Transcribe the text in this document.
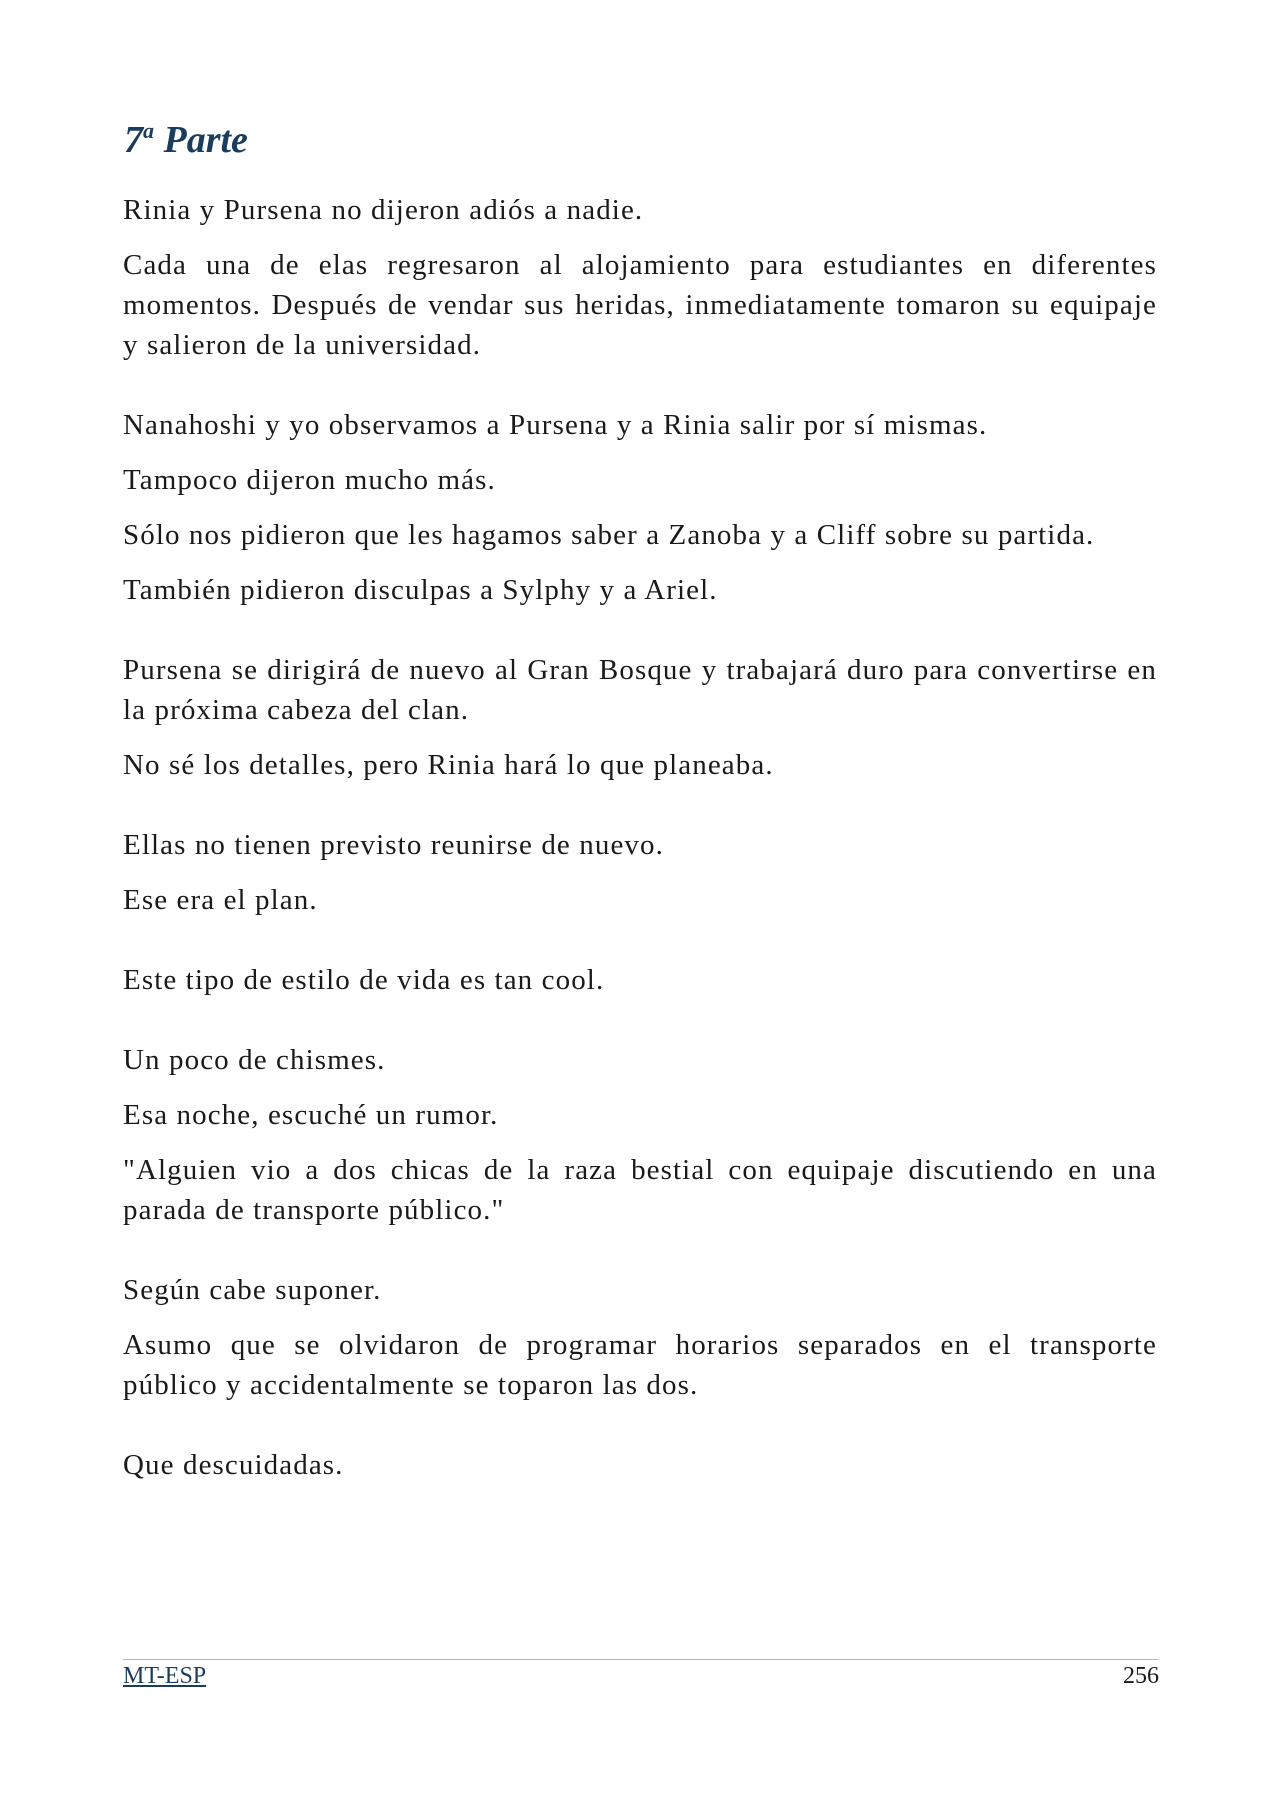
7$^a$ Parte

Rinia y Pursena no dijeron adiós a nadie.

Cada una de elas regresaron al alojamiento para estudiantes en diferentes momentos. Después de vendar sus heridas, inmediatamente tomaron su equipaje y salieron de la universidad.

Nanahoshi y yo observamos a Pursena y a Rinia salir por sí mismas.

Tampoco dijeron mucho más.

Sólo nos pidieron que les hagamos saber a Zanoba y a Cliff sobre su partida.

También pidieron disculpas a Sylphy y a Ariel.

Pursena se dirigirá de nuevo al Gran Bosque y trabajará duro para convertirse en la próxima cabeza del clan.

No sé los detalles, pero Rinia hará lo que planeaba.

Ellas no tienen previsto reunirse de nuevo.

Ese era el plan.

Este tipo de estilo de vida es tan cool.

Un poco de chismes.

Esa noche, escuché un rumor.

"Alguien vio a dos chicas de la raza bestial con equipaje discutiendo en una parada de transporte público."

Según cabe suponer.

Asumo que se olvidaron de programar horarios separados en el transporte público y accidentalmente se toparon las dos.

Que descuidadas.

MT-ESP	256
